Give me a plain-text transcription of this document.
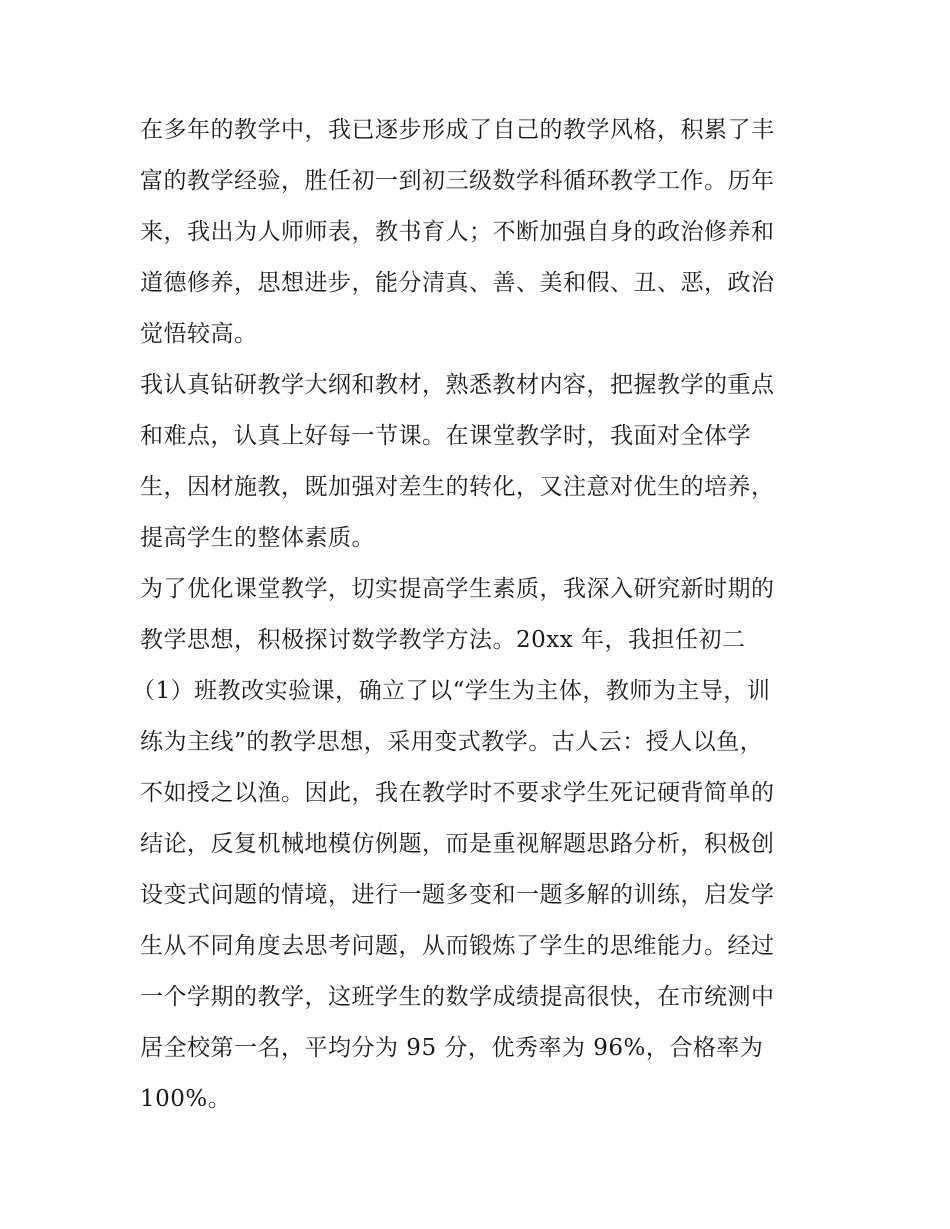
在多年的教学中，我已逐步形成了自己的教学风格，积累了丰
富的教学经验，胜任初一到初三级数学科循环教学工作。历年
来，我出为人师师表，教书育人；不断加强自身的政治修养和
道德修养，思想进步，能分清真、善、美和假、丑、恶，政治
觉悟较高。
我认真钻研教学大纲和教材，熟悉教材内容，把握教学的重点
和难点，认真上好每一节课。在课堂教学时，我面对全体学
生，因材施教，既加强对差生的转化，又注意对优生的培养，
提高学生的整体素质。
为了优化课堂教学，切实提高学生素质，我深入研究新时期的
教学思想，积极探讨数学教学方法。20xx 年，我担任初二
（1）班教改实验课，确立了以“学生为主体，教师为主导，训
练为主线”的教学思想，采用变式教学。古人云：授人以鱼，
不如授之以渔。因此，我在教学时不要求学生死记硬背简单的
结论，反复机械地模仿例题，而是重视解题思路分析，积极创
设变式问题的情境，进行一题多变和一题多解的训练，启发学
生从不同角度去思考问题，从而锻炼了学生的思维能力。经过
一个学期的教学，这班学生的数学成绩提高很快，在市统测中
居全校第一名，平均分为 95 分，优秀率为 96%，合格率为
100%。
